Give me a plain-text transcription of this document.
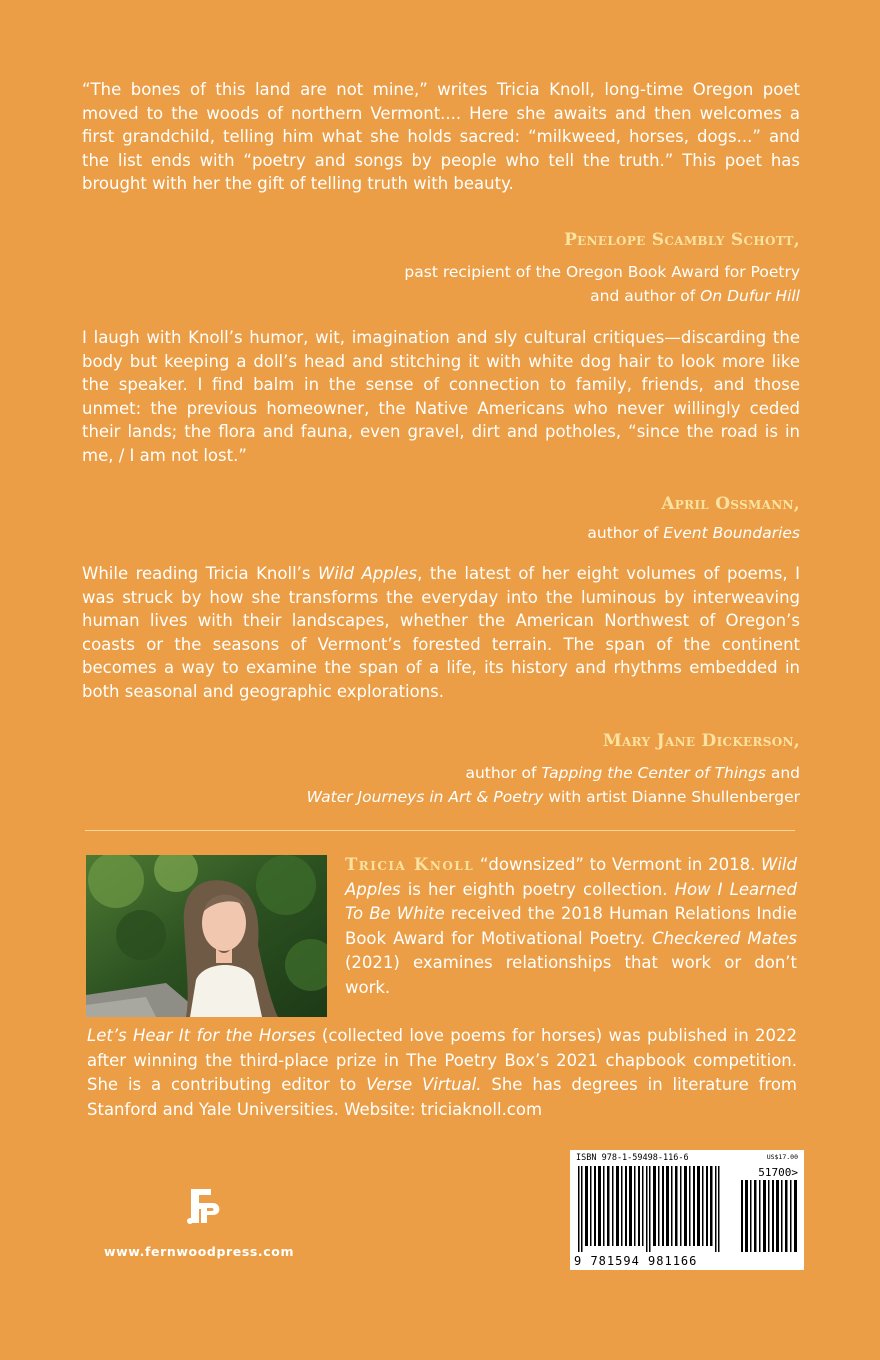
“The bones of this land are not mine,” writes Tricia Knoll, long-time Oregon poet moved to the woods of northern Vermont.... Here she awaits and then welcomes a first grandchild, telling him what she holds sacred: “milkweed, horses, dogs...” and the list ends with “poetry and songs by people who tell the truth.” This poet has brought with her the gift of telling truth with beauty.

Penelope Scambly Schott,
past recipient of the Oregon Book Award for Poetry
and author of On Dufur Hill

I laugh with Knoll’s humor, wit, imagination and sly cultural critiques—discarding the body but keeping a doll’s head and stitching it with white dog hair to look more like the speaker. I find balm in the sense of connection to family, friends, and those unmet: the previous homeowner, the Native Americans who never willingly ceded their lands; the flora and fauna, even gravel, dirt and potholes, “since the road is in me, / I am not lost.”

April Ossmann,
author of Event Boundaries

While reading Tricia Knoll’s Wild Apples, the latest of her eight volumes of poems, I was struck by how she transforms the everyday into the luminous by interweaving human lives with their landscapes, whether the American Northwest of Oregon’s coasts or the seasons of Vermont’s forested terrain. The span of the continent becomes a way to examine the span of a life, its history and rhythms embedded in both seasonal and geographic explorations.

Mary Jane Dickerson,
author of Tapping the Center of Things and
Water Journeys in Art & Poetry with artist Dianne Shullenberger

Tricia Knoll “downsized” to Vermont in 2018. Wild Apples is her eighth poetry collection. How I Learned To Be White received the 2018 Human Relations Indie Book Award for Motivational Poetry. Checkered Mates (2021) examines relationships that work or don’t work.

Let’s Hear It for the Horses (collected love poems for horses) was published in 2022 after winning the third-place prize in The Poetry Box’s 2021 chapbook competition. She is a contributing editor to Verse Virtual. She has degrees in literature from Stanford and Yale Universities. Website: triciaknoll.com

www.fernwoodpress.com
ISBN 978-1-59498-116-6	US$17.00
51700>
9 781594 981166
